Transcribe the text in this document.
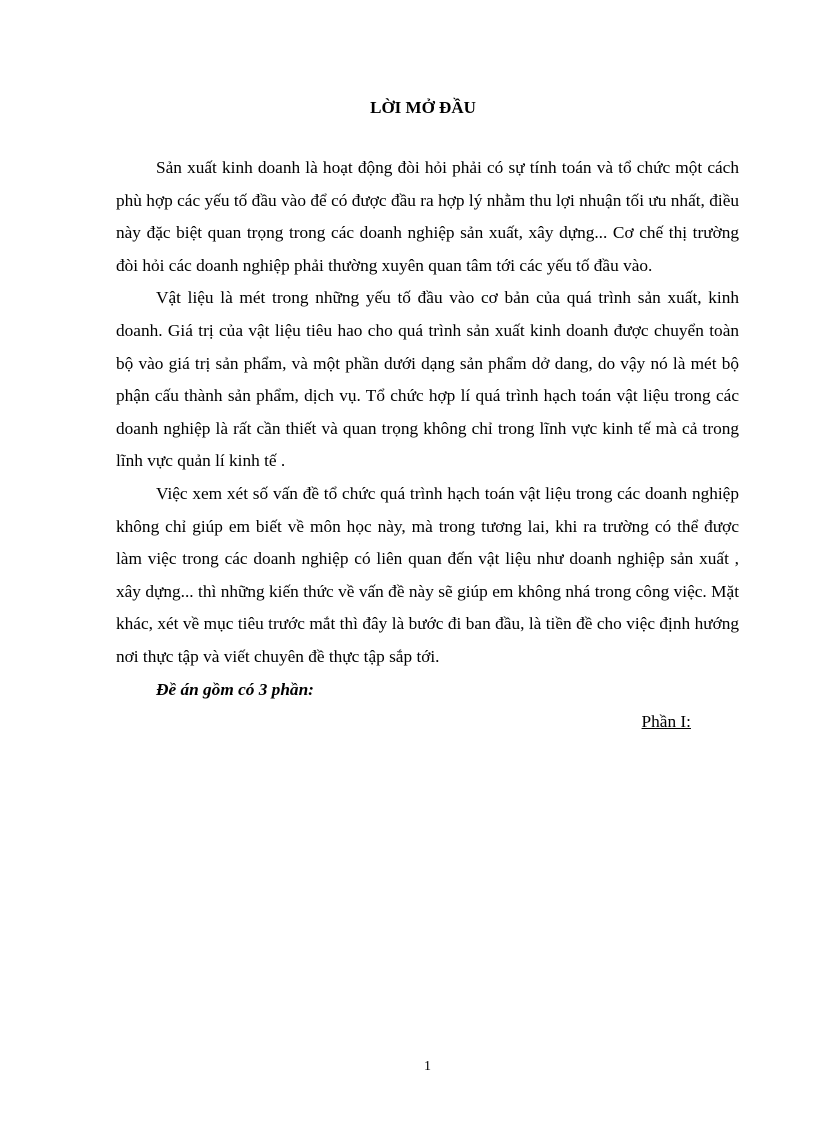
LỜI MỞ ĐẦU

Sản xuất kinh doanh là hoạt động đòi hỏi phải có sự tính toán và tổ chức một cách phù hợp các yếu tố đầu vào để có được đầu ra hợp lý nhằm thu lợi nhuận tối ưu nhất, điều này đặc biệt quan trọng trong các doanh nghiệp sản xuất, xây dựng... Cơ chế thị trường đòi hỏi các doanh nghiệp phải thường xuyên quan tâm tới các yếu tố đầu vào.

Vật liệu là mét trong những yếu tố đầu vào cơ bản của quá trình sản xuất, kinh doanh. Giá trị của vật liệu tiêu hao cho quá trình sản xuất kinh doanh được chuyển toàn bộ vào giá trị sản phẩm, và một phần dưới dạng sản phẩm dở dang, do vậy nó là mét bộ phận cấu thành sản phẩm, dịch vụ. Tổ chức hợp lí quá trình hạch toán vật liệu trong các doanh nghiệp là rất cần thiết và quan trọng không chỉ trong lĩnh vực kinh tế mà cả trong lĩnh vực quản lí kinh tế .

Việc xem xét số vấn đề tổ chức quá trình hạch toán vật liệu trong các doanh nghiệp không chỉ giúp em biết về môn học này, mà trong tương lai, khi ra trường có thể được làm việc trong các doanh nghiệp có liên quan đến vật liệu như doanh nghiệp sản xuất , xây dựng... thì những kiến thức về vấn đề này sẽ giúp em không nhá trong công việc. Mặt khác, xét về mục tiêu trước mắt thì đây là bước đi ban đầu, là tiền đề cho việc định hướng nơi thực tập và viết chuyên đề thực tập sắp tới.

Đề án gồm có 3 phần:

Phần I:

1
